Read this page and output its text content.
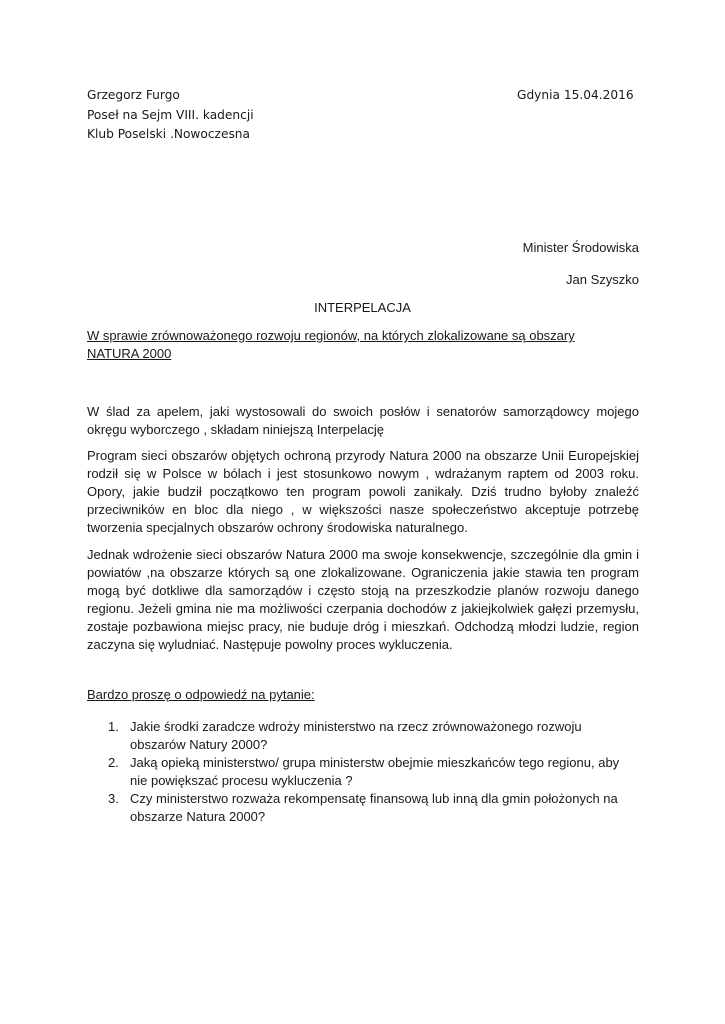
Grzegorz Furgo
Poseł na Sejm VIII. kadencji
Klub Poselski .Nowoczesna
Gdynia 15.04.2016
Minister Środowiska
Jan Szyszko
INTERPELACJA
W sprawie zrównoważonego rozwoju regionów, na których zlokalizowane są obszary NATURA 2000

W ślad za apelem, jaki wystosowali do swoich posłów i senatorów samorządowcy mojego okręgu wyborczego , składam niniejszą Interpelację

Program sieci obszarów objętych ochroną przyrody Natura 2000 na obszarze Unii Europejskiej rodził się w Polsce w bólach i jest stosunkowo nowym , wdrażanym raptem od 2003 roku. Opory, jakie budził początkowo ten program powoli zanikały. Dziś trudno byłoby znaleźć przeciwników en bloc dla niego , w większości nasze społeczeństwo akceptuje potrzebę tworzenia specjalnych obszarów ochrony środowiska naturalnego.

Jednak wdrożenie sieci obszarów Natura 2000 ma swoje konsekwencje, szczególnie dla gmin i powiatów ,na obszarze których są one zlokalizowane. Ograniczenia jakie stawia ten program mogą być dotkliwe dla samorządów i często stoją na przeszkodzie planów rozwoju danego regionu. Jeżeli gmina nie ma możliwości czerpania dochodów z jakiejkolwiek gałęzi przemysłu, zostaje pozbawiona miejsc pracy, nie buduje dróg i mieszkań. Odchodzą młodzi ludzie, region zaczyna się wyludniać. Następuje powolny proces wykluczenia.

Bardzo proszę o odpowiedź na pytanie:
1. Jakie środki zaradcze wdroży ministerstwo na rzecz zrównoważonego rozwoju obszarów Natury 2000?
2. Jaką opieką ministerstwo/ grupa ministerstw obejmie mieszkańców tego regionu, aby nie powiększać procesu wykluczenia ?
3. Czy ministerstwo rozważa rekompensatę finansową lub inną dla gmin położonych na obszarze Natura 2000?
